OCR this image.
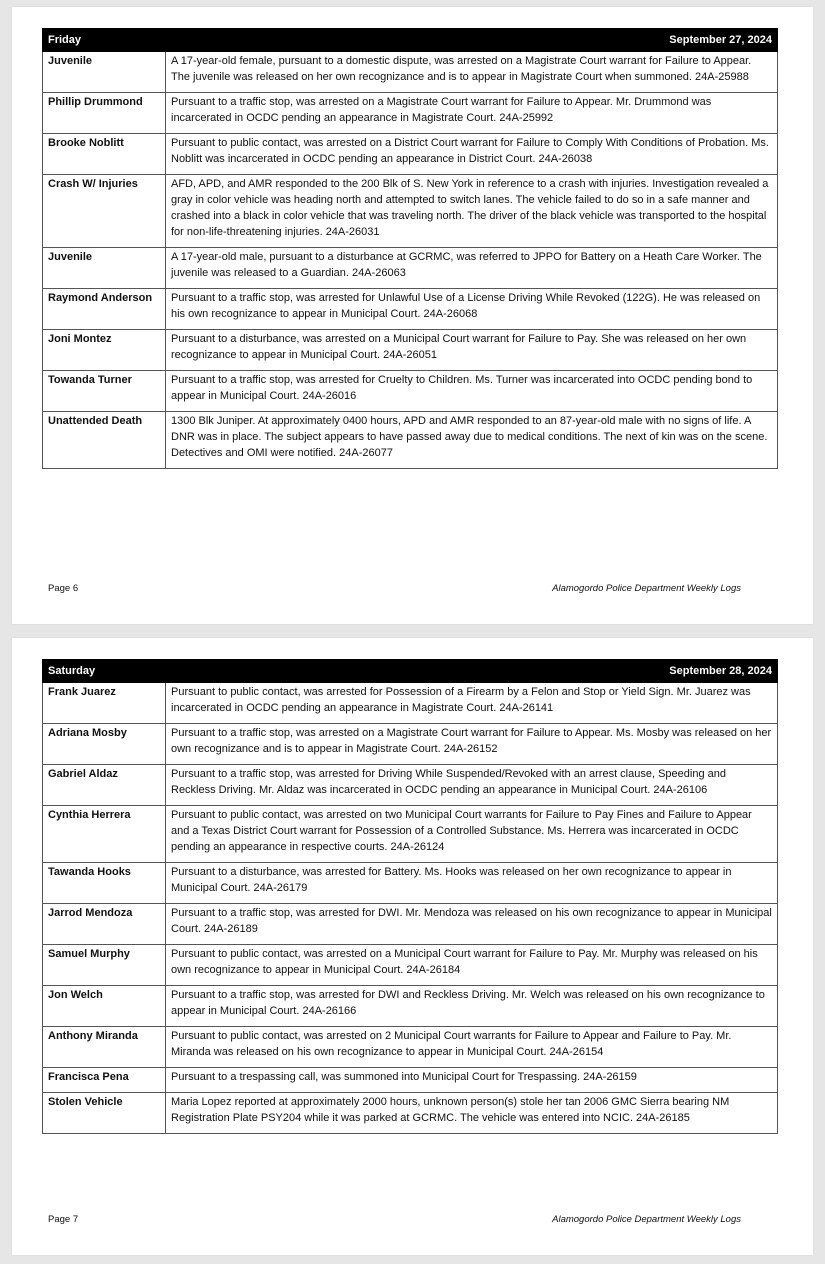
Friday	September 27, 2024
Juvenile	A 17-year-old female, pursuant to a domestic dispute, was arrested on a Magistrate Court warrant for Failure to Appear. The juvenile was released on her own recognizance and is to appear in Magistrate Court when summoned. 24A-25988
Phillip Drummond	Pursuant to a traffic stop, was arrested on a Magistrate Court warrant for Failure to Appear. Mr. Drummond was incarcerated in OCDC pending an appearance in Magistrate Court. 24A-25992
Brooke Noblitt	Pursuant to public contact, was arrested on a District Court warrant for Failure to Comply With Conditions of Probation. Ms. Noblitt was incarcerated in OCDC pending an appearance in District Court. 24A-26038
Crash W/ Injuries	AFD, APD, and AMR responded to the 200 Blk of S. New York in reference to a crash with injuries. Investigation revealed a gray in color vehicle was heading north and attempted to switch lanes. The vehicle failed to do so in a safe manner and crashed into a black in color vehicle that was traveling north. The driver of the black vehicle was transported to the hospital for non-life-threatening injuries. 24A-26031
Juvenile	A 17-year-old male, pursuant to a disturbance at GCRMC, was referred to JPPO for Battery on a Heath Care Worker. The juvenile was released to a Guardian. 24A-26063
Raymond Anderson	Pursuant to a traffic stop, was arrested for Unlawful Use of a License Driving While Revoked (122G). He was released on his own recognizance to appear in Municipal Court. 24A-26068
Joni Montez	Pursuant to a disturbance, was arrested on a Municipal Court warrant for Failure to Pay. She was released on her own recognizance to appear in Municipal Court. 24A-26051
Towanda Turner	Pursuant to a traffic stop, was arrested for Cruelty to Children. Ms. Turner was incarcerated into OCDC pending bond to appear in Municipal Court. 24A-26016
Unattended Death	1300 Blk Juniper. At approximately 0400 hours, APD and AMR responded to an 87-year-old male with no signs of life. A DNR was in place. The subject appears to have passed away due to medical conditions. The next of kin was on the scene. Detectives and OMI were notified. 24A-26077
Page 6	Alamogordo Police Department Weekly Logs
Saturday	September 28, 2024
Frank Juarez	Pursuant to public contact, was arrested for Possession of a Firearm by a Felon and Stop or Yield Sign. Mr. Juarez was incarcerated in OCDC pending an appearance in Magistrate Court. 24A-26141
Adriana Mosby	Pursuant to a traffic stop, was arrested on a Magistrate Court warrant for Failure to Appear. Ms. Mosby was released on her own recognizance and is to appear in Magistrate Court. 24A-26152
Gabriel Aldaz	Pursuant to a traffic stop, was arrested for Driving While Suspended/Revoked with an arrest clause, Speeding and Reckless Driving. Mr. Aldaz was incarcerated in OCDC pending an appearance in Municipal Court. 24A-26106
Cynthia Herrera	Pursuant to public contact, was arrested on two Municipal Court warrants for Failure to Pay Fines and Failure to Appear and a Texas District Court warrant for Possession of a Controlled Substance. Ms. Herrera was incarcerated in OCDC pending an appearance in respective courts. 24A-26124
Tawanda Hooks	Pursuant to a disturbance, was arrested for Battery. Ms. Hooks was released on her own recognizance to appear in Municipal Court. 24A-26179
Jarrod Mendoza	Pursuant to a traffic stop, was arrested for DWI. Mr. Mendoza was released on his own recognizance to appear in Municipal Court. 24A-26189
Samuel Murphy	Pursuant to public contact, was arrested on a Municipal Court warrant for Failure to Pay. Mr. Murphy was released on his own recognizance to appear in Municipal Court. 24A-26184
Jon Welch	Pursuant to a traffic stop, was arrested for DWI and Reckless Driving. Mr. Welch was released on his own recognizance to appear in Municipal Court. 24A-26166
Anthony Miranda	Pursuant to public contact, was arrested on 2 Municipal Court warrants for Failure to Appear and Failure to Pay. Mr. Miranda was released on his own recognizance to appear in Municipal Court. 24A-26154
Francisca Pena	Pursuant to a trespassing call, was summoned into Municipal Court for Trespassing. 24A-26159
Stolen Vehicle	Maria Lopez reported at approximately 2000 hours, unknown person(s) stole her tan 2006 GMC Sierra bearing NM Registration Plate PSY204 while it was parked at GCRMC. The vehicle was entered into NCIC. 24A-26185
Page 7	Alamogordo Police Department Weekly Logs
